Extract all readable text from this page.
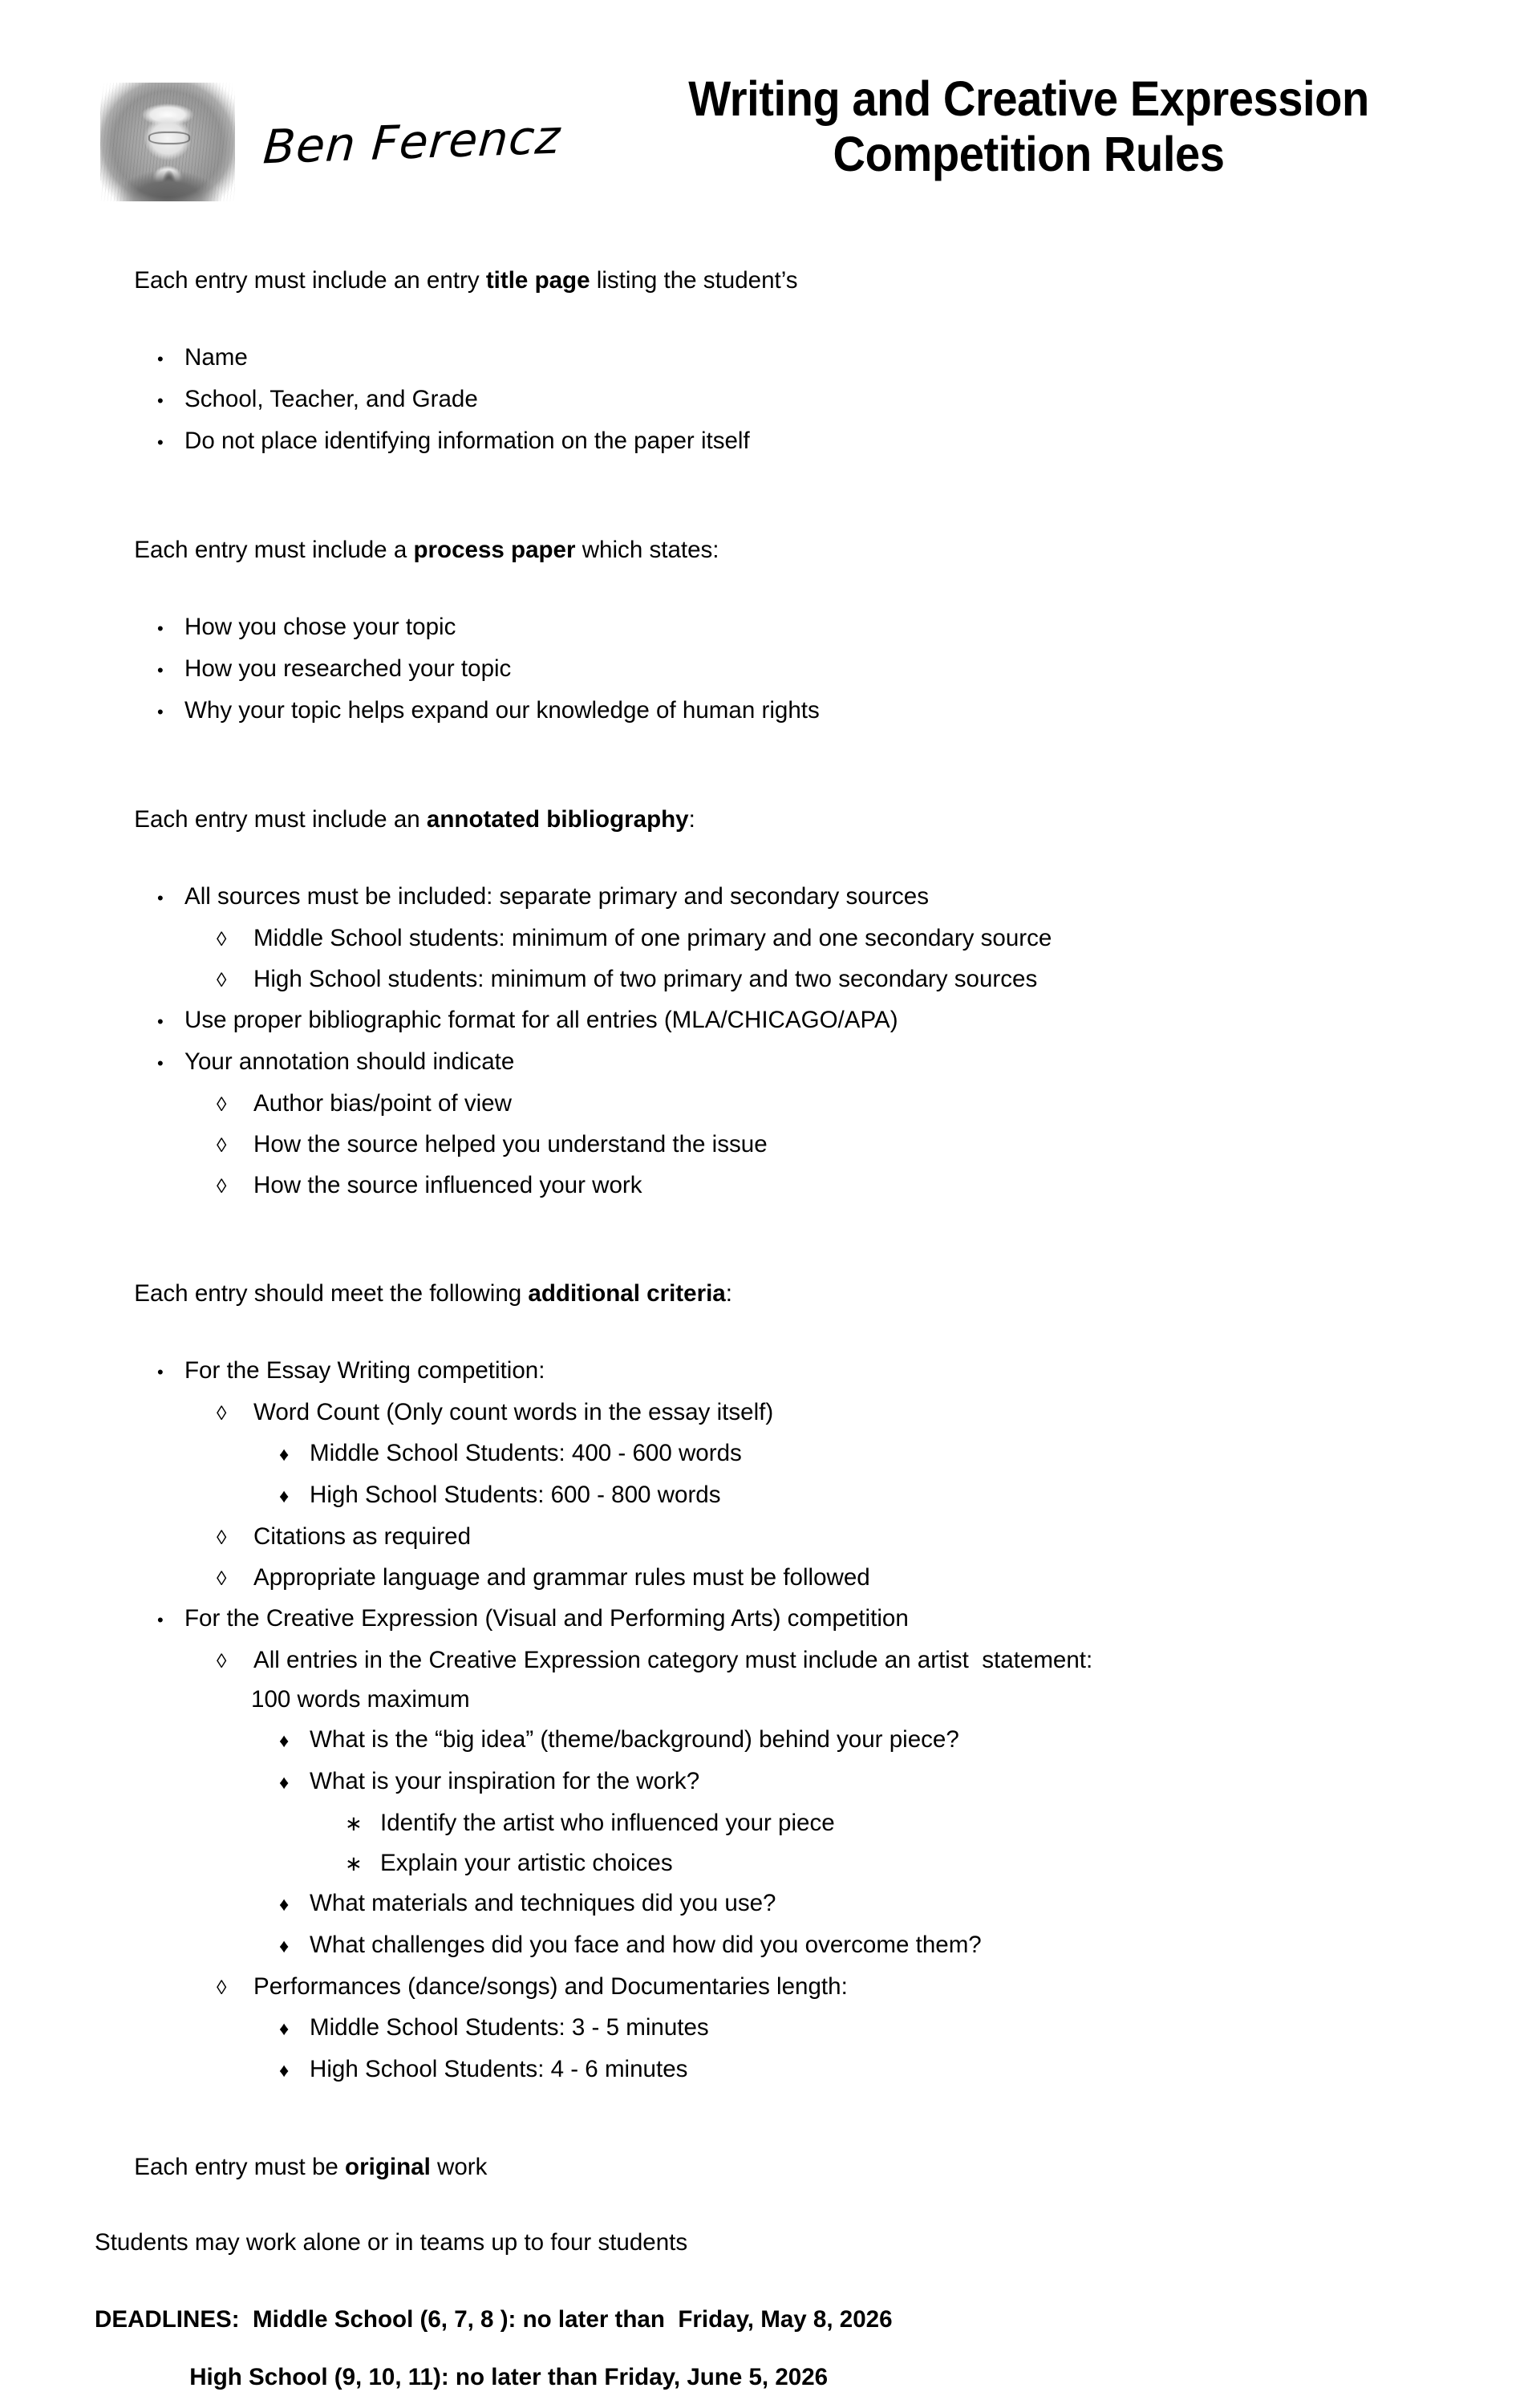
Ben Ferencz
Writing and Creative Expression
Competition Rules

Each entry must include an entry title page listing the student’s

• Name
• School, Teacher, and Grade
• Do not place identifying information on the paper itself

Each entry must include a process paper which states:

• How you chose your topic
• How you researched your topic
• Why your topic helps expand our knowledge of human rights

Each entry must include an annotated bibliography:

• All sources must be included: separate primary and secondary sources
◊	Middle School students: minimum of one primary and one secondary source
◊	High School students: minimum of two primary and two secondary sources
• Use proper bibliographic format for all entries (MLA/CHICAGO/APA)
• Your annotation should indicate
◊	Author bias/point of view
◊	How the source helped you understand the issue
◊	How the source influenced your work

Each entry should meet the following additional criteria:

• For the Essay Writing competition:
◊	Word Count (Only count words in the essay itself)
♦ Middle School Students: 400 - 600 words
♦ High School Students: 600 - 800 words
◊	Citations as required
◊	Appropriate language and grammar rules must be followed
• For the Creative Expression (Visual and Performing Arts) competition
◊	All entries in the Creative Expression category must include an artist  statement:

100 words maximum

♦ What is the “big idea” (theme/background) behind your piece?
♦ What is your inspiration for the work?
∗ Identify the artist who influenced your piece
∗ Explain your artistic choices
♦ What materials and techniques did you use?
♦ What challenges did you face and how did you overcome them?
◊	Performances (dance/songs) and Documentaries length:
♦ Middle School Students: 3 - 5 minutes
♦ High School Students: 4 - 6 minutes

Each entry must be original work

Students may work alone or in teams up to four students

DEADLINES:  Middle School (6, 7, 8 ): no later than  Friday, May 8, 2026

High School (9, 10, 11): no later than Friday, June 5, 2026
